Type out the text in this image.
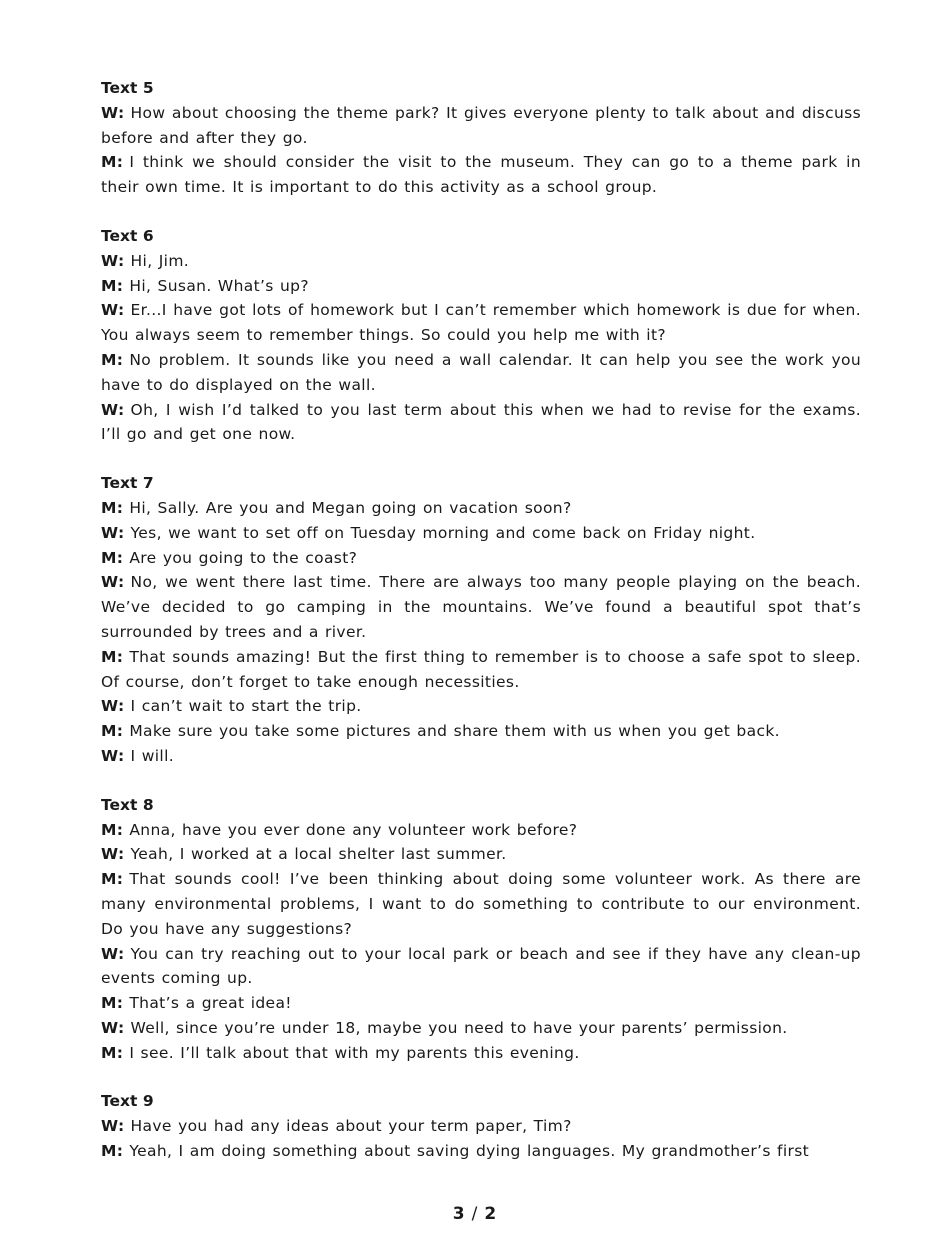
Text 5

W: How about choosing the theme park? It gives everyone plenty to talk about and discuss before and after they go.

M: I think we should consider the visit to the museum. They can go to a theme park in their own time. It is important to do this activity as a school group.

Text 6

W: Hi, Jim.

M: Hi, Susan. What’s up?

W: Er...I have got lots of homework but I can’t remember which homework is due for when. You always seem to remember things. So could you help me with it?

M: No problem. It sounds like you need a wall calendar. It can help you see the work you have to do displayed on the wall.

W: Oh, I wish I’d talked to you last term about this when we had to revise for the exams. I’ll go and get one now.

Text 7

M: Hi, Sally. Are you and Megan going on vacation soon?

W: Yes, we want to set off on Tuesday morning and come back on Friday night.

M: Are you going to the coast?

W: No, we went there last time. There are always too many people playing on the beach. We’ve decided to go camping in the mountains. We’ve found a beautiful spot that’s surrounded by trees and a river.

M: That sounds amazing! But the first thing to remember is to choose a safe spot to sleep. Of course, don’t forget to take enough necessities.

W: I can’t wait to start the trip.

M: Make sure you take some pictures and share them with us when you get back.

W: I will.

Text 8

M: Anna, have you ever done any volunteer work before?

W: Yeah, I worked at a local shelter last summer.

M: That sounds cool! I’ve been thinking about doing some volunteer work. As there are many environmental problems, I want to do something to contribute to our environment. Do you have any suggestions?

W: You can try reaching out to your local park or beach and see if they have any clean-up events coming up.

M: That’s a great idea!

W: Well, since you’re under 18, maybe you need to have your parents’ permission.

M: I see. I’ll talk about that with my parents this evening.

Text 9

W: Have you had any ideas about your term paper, Tim?

M: Yeah, I am doing something about saving dying languages. My grandmother’s first

3 / 2
